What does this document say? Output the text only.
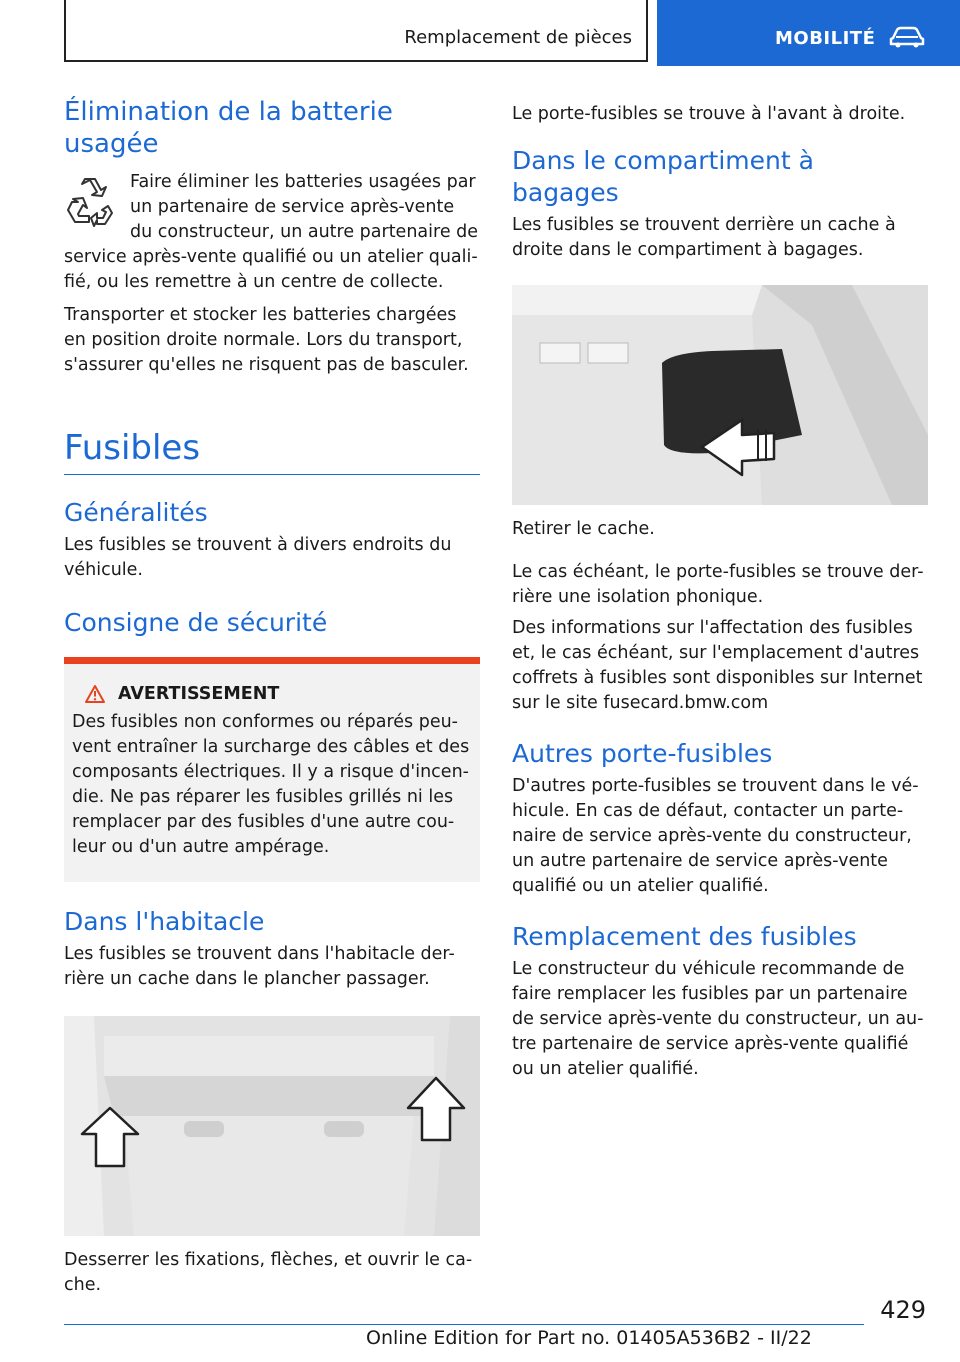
Remplacement de pièces	MOBILITÉ
Élimination de la batterie usagée

Faire éliminer les batteries usagées par un partenaire de service après-vente du constructeur, un autre partenaire de service après-vente qualifié ou un atelier quali-fié, ou les remettre à un centre de collecte.

Transporter et stocker les batteries chargées en position droite normale. Lors du transport, s'assurer qu'elles ne risquent pas de basculer.

Fusibles
Généralités

Les fusibles se trouvent à divers endroits du véhicule.

Consigne de sécurité
AVERTISSEMENT

Des fusibles non conformes ou réparés peu-vent entraîner la surcharge des câbles et des composants électriques. Il y a risque d'incen-die. Ne pas réparer les fusibles grillés ni les remplacer par des fusibles d'une autre cou-leur ou d'un autre ampérage.

Dans l'habitacle

Les fusibles se trouvent dans l'habitacle der-rière un cache dans le plancher passager.

Desserrer les fixations, flèches, et ouvrir le ca-che.

Le porte-fusibles se trouve à l'avant à droite.

Dans le compartiment à bagages

Les fusibles se trouvent derrière un cache à droite dans le compartiment à bagages.

Retirer le cache.

Le cas échéant, le porte-fusibles se trouve der-rière une isolation phonique.

Des informations sur l'affectation des fusibles et, le cas échéant, sur l'emplacement d'autres coffrets à fusibles sont disponibles sur Internet sur le site fusecard.bmw.com

Autres porte-fusibles

D'autres porte-fusibles se trouvent dans le vé-hicule. En cas de défaut, contacter un parte-naire de service après-vente du constructeur, un autre partenaire de service après-vente qualifié ou un atelier qualifié.

Remplacement des fusibles

Le constructeur du véhicule recommande de faire remplacer les fusibles par un partenaire de service après-vente du constructeur, un au-tre partenaire de service après-vente qualifié ou un atelier qualifié.

429
Online Edition for Part no. 01405A536B2 - II/22
